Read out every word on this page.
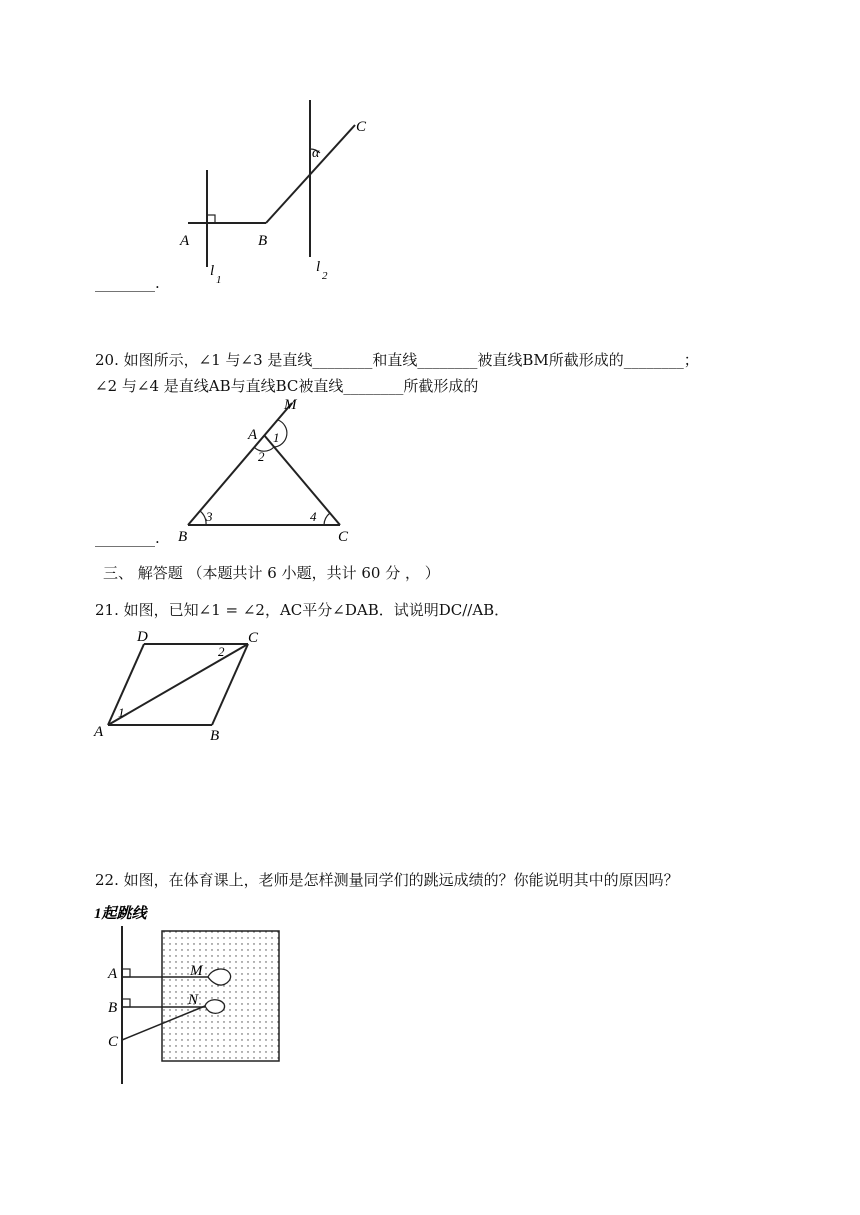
A	B
C
α
l
1
l
2
________.
20. 如图所示，∠1 与∠3 是直线________和直线________被直线BM所截形成的________；
∠2 与∠4 是直线AB与直线BC被直线________所截形成的
M
A
B	C
1
2
3	4
________.
三、 解答题 （本题共计 6 小题，共计 60 分 ， ）
21. 如图，已知∠1 = ∠2，AC平分∠DAB．试说明DC//AB．
D	C
A	B
1
2
22. 如图，在体育课上，老师是怎样测量同学们的跳远成绩的？你能说明其中的原因吗？
1起跳线
A
B
C
M
N
